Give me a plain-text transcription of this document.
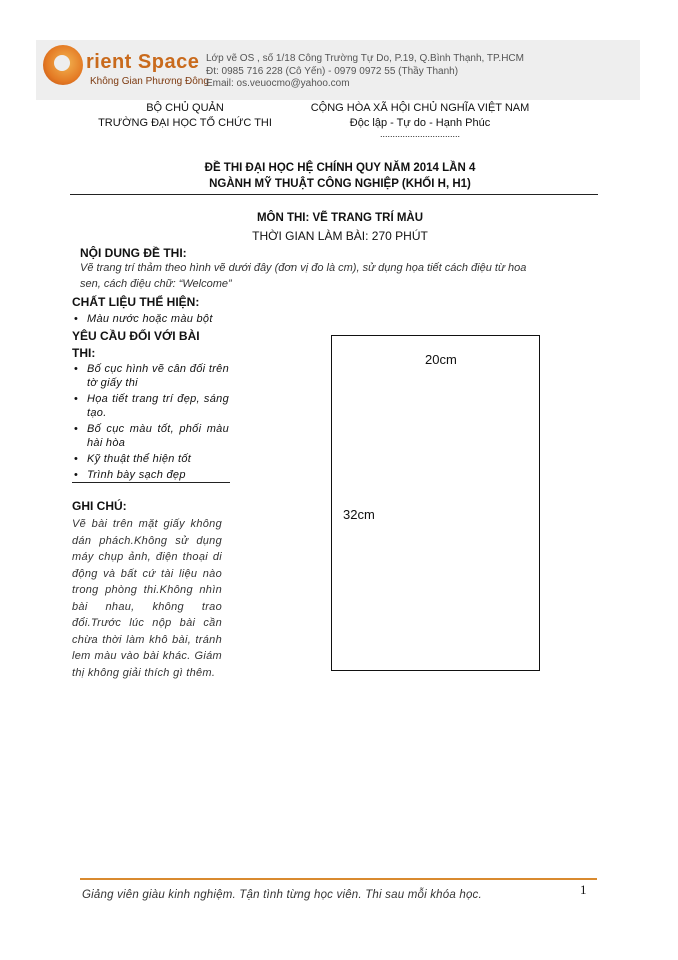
rient Space
Không Gian Phương Đông
Lớp vẽ OS , số 1/18 Công Trường Tự Do, P.19, Q.Bình Thạnh, TP.HCM
Đt: 0985 716 228 (Cô Yến) - 0979 0972 55 (Thầy Thanh)
Email: os.veuocmo@yahoo.com
BỘ CHỦ QUẢN
TRƯỜNG ĐẠI HỌC TỔ CHỨC THI
CỘNG HÒA XÃ HỘI CHỦ NGHĨA VIỆT NAM
Độc lập - Tự do - Hạnh Phúc
................................
ĐỀ THI ĐẠI HỌC HỆ CHÍNH QUY NĂM 2014 LẦN 4
NGÀNH MỸ THUẬT CÔNG NGHIỆP (KHỐI H, H1)
MÔN THI: VẼ TRANG TRÍ MÀU
THỜI GIAN LÀM BÀI: 270 PHÚT
NỘI DUNG ĐỀ THI:
Vẽ trang trí thảm theo hình vẽ dưới đây (đơn vị đo là cm), sử dụng họa tiết cách điệu từ hoa
sen, cách điệu chữ: “Welcome”
CHẤT LIỆU THỂ HIỆN:
• Màu nước hoặc màu bột
YÊU CẦU ĐỐI VỚI BÀI
THI:
• Bố cục hình vẽ cân đối trên tờ giấy thi
• Họa tiết trang trí đẹp, sáng tạo.
• Bố cục màu tốt, phối màu hài hòa
• Kỹ thuật thể hiện tốt
• Trình bày sạch đẹp
GHI CHÚ:
Vẽ bài trên mặt giấy không dán phách.Không sử dụng máy chụp ảnh, điện thoại di động và bất cứ tài liệu nào trong phòng thi.Không nhìn bài nhau, không trao đổi.Trước lúc nộp bài cần chừa thời làm khô bài, tránh lem màu vào bài khác. Giám thị không giải thích gì thêm.
20cm
32cm
Giảng viên giàu kinh nghiệm. Tận tình từng học viên. Thi sau mỗi khóa học.	1
